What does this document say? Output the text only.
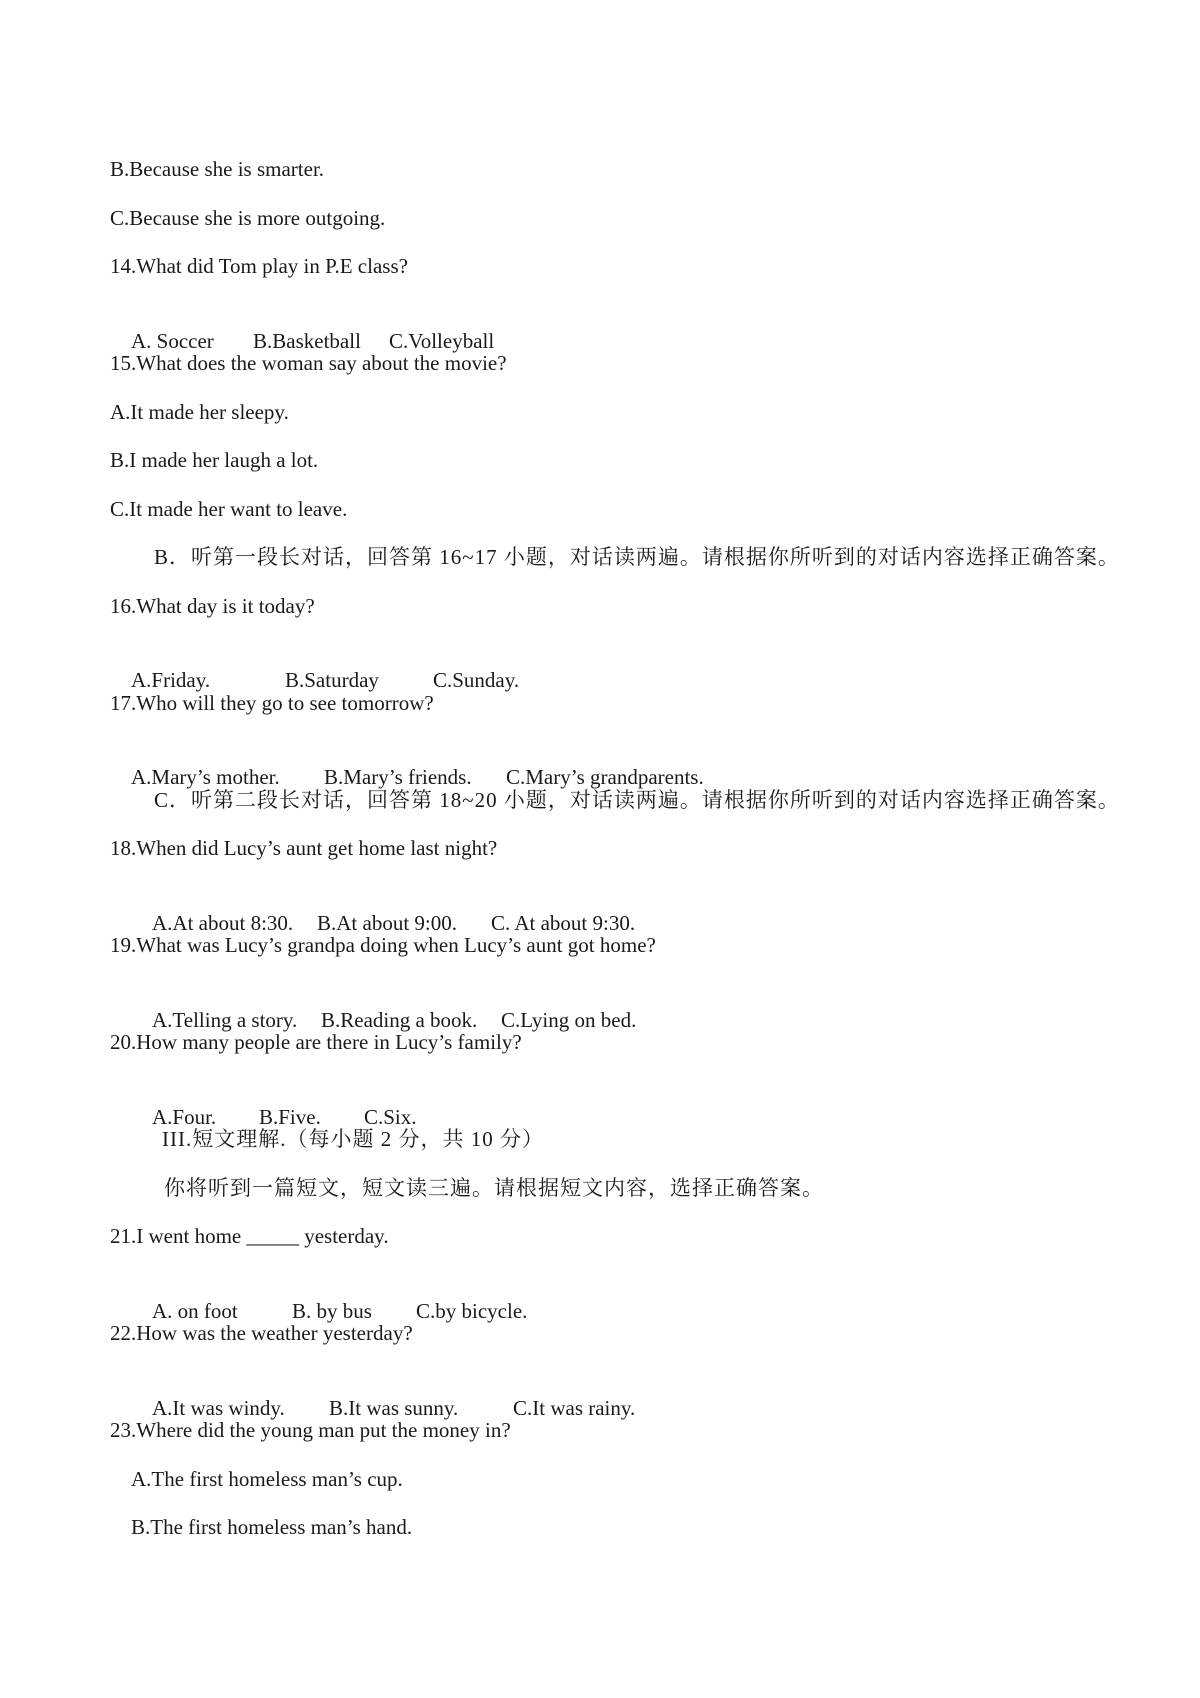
B.Because she is smarter.
C.Because she is more outgoing.
14.What did Tom play in P.E class?

A. Soccer B.Basketball C.Volleyball

15.What does the woman say about the movie?
A.It made her sleepy.
B.I made her laugh a lot.
C.It made her want to leave.
B．听第一段长对话，回答第 16~17 小题，对话读两遍。请根据你所听到的对话内容选择正确答案。
16.What day is it today?

A.Friday.	B.Saturday	C.Sunday.

17.Who will they go to see tomorrow?

A.Mary’s mother. B.Mary’s friends. C.Mary’s grandparents.

C．听第二段长对话，回答第 18~20 小题，对话读两遍。请根据你所听到的对话内容选择正确答案。
18.When did Lucy’s aunt get home last night?

A.At about 8:30. B.At about 9:00. C. At about 9:30.

19.What was Lucy’s grandpa doing when Lucy’s aunt got home?

A.Telling a story. B.Reading a book. C.Lying on bed.

20.How many people are there in Lucy’s family?

A.Four. B.Five. C.Six.

III.短文理解.（每小题 2 分，共 10 分）
你将听到一篇短文，短文读三遍。请根据短文内容，选择正确答案。
21.I went home _____ yesterday.

A. on foot	B. by bus C.by bicycle.

22.How was the weather yesterday?

A.It was windy. B.It was sunny.	C.It was rainy.

23.Where did the young man put the money in?
A.The first homeless man’s cup.
B.The first homeless man’s hand.
